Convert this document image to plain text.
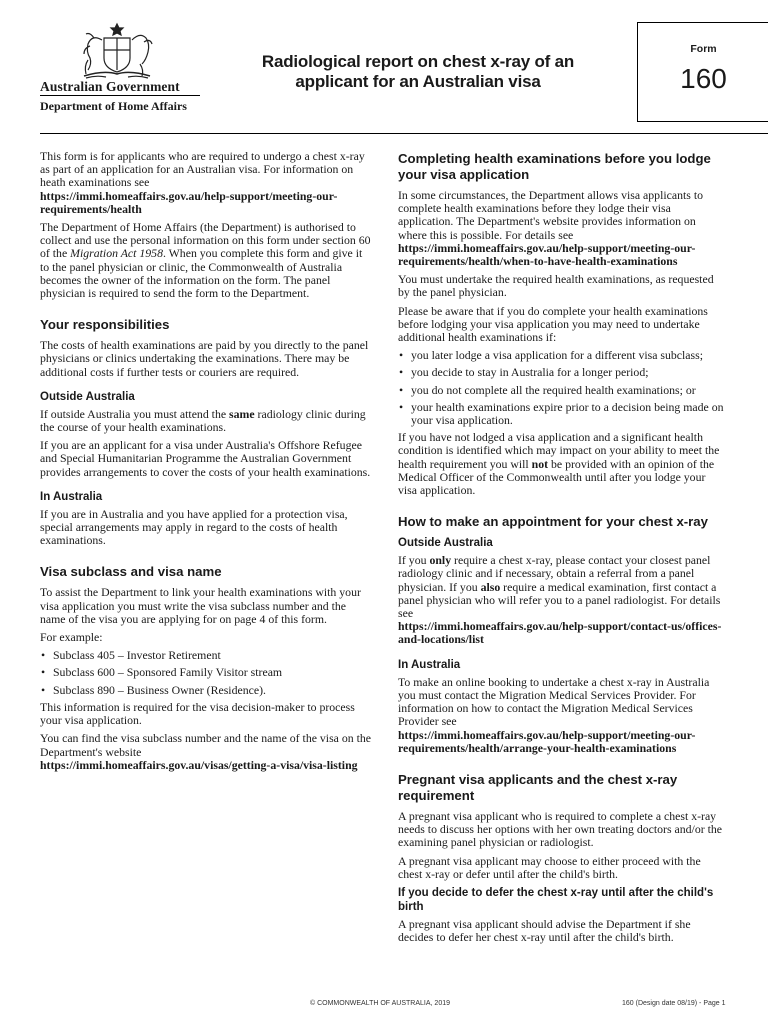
Australian Government
Department of Home Affairs
Radiological report on chest x-ray of an applicant for an Australian visa
Form
160

This form is for applicants who are required to undergo a chest x-ray as part of an application for an Australian visa. For information on heath examinations see
https://immi.homeaffairs.gov.au/help-support/meeting-our-requirements/health

The Department of Home Affairs (the Department) is authorised to collect and use the personal information on this form under section 60 of the Migration Act 1958. When you complete this form and give it to the panel physician or clinic, the Commonwealth of Australia becomes the owner of the information on the form. The panel physician is required to send the form to the Department.

Your responsibilities

The costs of health examinations are paid by you directly to the panel physicians or clinics undertaking the examinations. There may be additional costs if further tests or couriers are required.

Outside Australia

If outside Australia you must attend the same radiology clinic during the course of your health examinations.

If you are an applicant for a visa under Australia's Offshore Refugee and Special Humanitarian Programme the Australian Government provides arrangements to cover the costs of your health examinations.

In Australia

If you are in Australia and you have applied for a protection visa, special arrangements may apply in regard to the costs of health examinations.

Visa subclass and visa name

To assist the Department to link your health examinations with your visa application you must write the visa subclass number and the name of the visa you are applying for on page 4 of this form.

For example:

• Subclass 405 – Investor Retirement
• Subclass 600 – Sponsored Family Visitor stream
• Subclass 890 – Business Owner (Residence).

This information is required for the visa decision-maker to process your visa application.

You can find the visa subclass number and the name of the visa on the Department's website
https://immi.homeaffairs.gov.au/visas/getting-a-visa/visa-listing

Completing health examinations before you lodge your visa application

In some circumstances, the Department allows visa applicants to complete health examinations before they lodge their visa application. The Department's website provides information on where this is possible. For details see
https://immi.homeaffairs.gov.au/help-support/meeting-our-requirements/health/when-to-have-health-examinations

You must undertake the required health examinations, as requested by the panel physician.

Please be aware that if you do complete your health examinations before lodging your visa application you may need to undertake additional health examinations if:

• you later lodge a visa application for a different visa subclass;
• you decide to stay in Australia for a longer period;
• you do not complete all the required health examinations; or
• your health examinations expire prior to a decision being made on your visa application.

If you have not lodged a visa application and a significant health condition is identified which may impact on your ability to meet the health requirement you will not be provided with an opinion of the Medical Officer of the Commonwealth until after you lodge your visa application.

How to make an appointment for your chest x-ray
Outside Australia

If you only require a chest x-ray, please contact your closest panel radiology clinic and if necessary, obtain a referral from a panel physician. If you also require a medical examination, first contact a panel physician who will refer you to a panel radiologist. For details see
https://immi.homeaffairs.gov.au/help-support/contact-us/offices-and-locations/list

In Australia

To make an online booking to undertake a chest x-ray in Australia you must contact the Migration Medical Services Provider. For information on how to contact the Migration Medical Services Provider see
https://immi.homeaffairs.gov.au/help-support/meeting-our-requirements/health/arrange-your-health-examinations

Pregnant visa applicants and the chest x-ray requirement

A pregnant visa applicant who is required to complete a chest x-ray needs to discuss her options with her own treating doctors and/or the examining panel physician or radiologist.

A pregnant visa applicant may choose to either proceed with the chest x-ray or defer until after the child's birth.

If you decide to defer the chest x-ray until after the child's birth

A pregnant visa applicant should advise the Department if she decides to defer her chest x-ray until after the child's birth.

© COMMONWEALTH OF AUSTRALIA, 2019	160 (Design date 08/19) - Page 1
